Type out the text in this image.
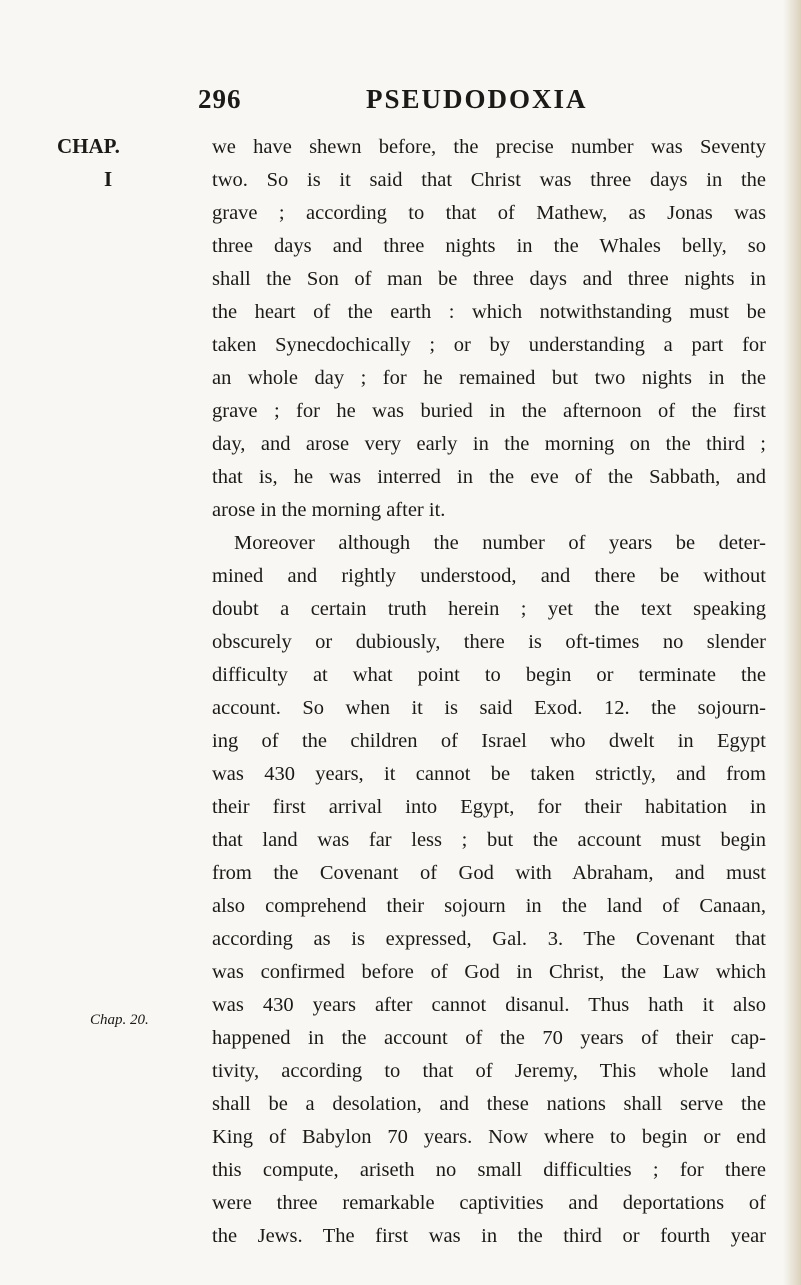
296	PSEUDODOXIA
CHAP.
I
Chap. 20.
we have shewn before, the precise number was Seventy
two. So is it said that Christ was three days in the
grave ; according to that of Mathew, as Jonas was
three days and three nights in the Whales belly, so
shall the Son of man be three days and three nights in
the heart of the earth : which notwithstanding must be
taken Synecdochically ; or by understanding a part for
an whole day ; for he remained but two nights in the
grave ; for he was buried in the afternoon of the first
day, and arose very early in the morning on the third ;
that is, he was interred in the eve of the Sabbath, and
arose in the morning after it.
Moreover although the number of years be deter-
mined and rightly understood, and there be without
doubt a certain truth herein ; yet the text speaking
obscurely or dubiously, there is oft-times no slender
difficulty at what point to begin or terminate the
account. So when it is said Exod. 12. the sojourn-
ing of the children of Israel who dwelt in Egypt
was 430 years, it cannot be taken strictly, and from
their first arrival into Egypt, for their habitation in
that land was far less ; but the account must begin
from the Covenant of God with Abraham, and must
also comprehend their sojourn in the land of Canaan,
according as is expressed, Gal. 3. The Covenant that
was confirmed before of God in Christ, the Law which
was 430 years after cannot disanul. Thus hath it also
happened in the account of the 70 years of their cap-
tivity, according to that of Jeremy, This whole land
shall be a desolation, and these nations shall serve the
King of Babylon 70 years. Now where to begin or end
this compute, ariseth no small difficulties ; for there
were three remarkable captivities and deportations of
the Jews. The first was in the third or fourth year
